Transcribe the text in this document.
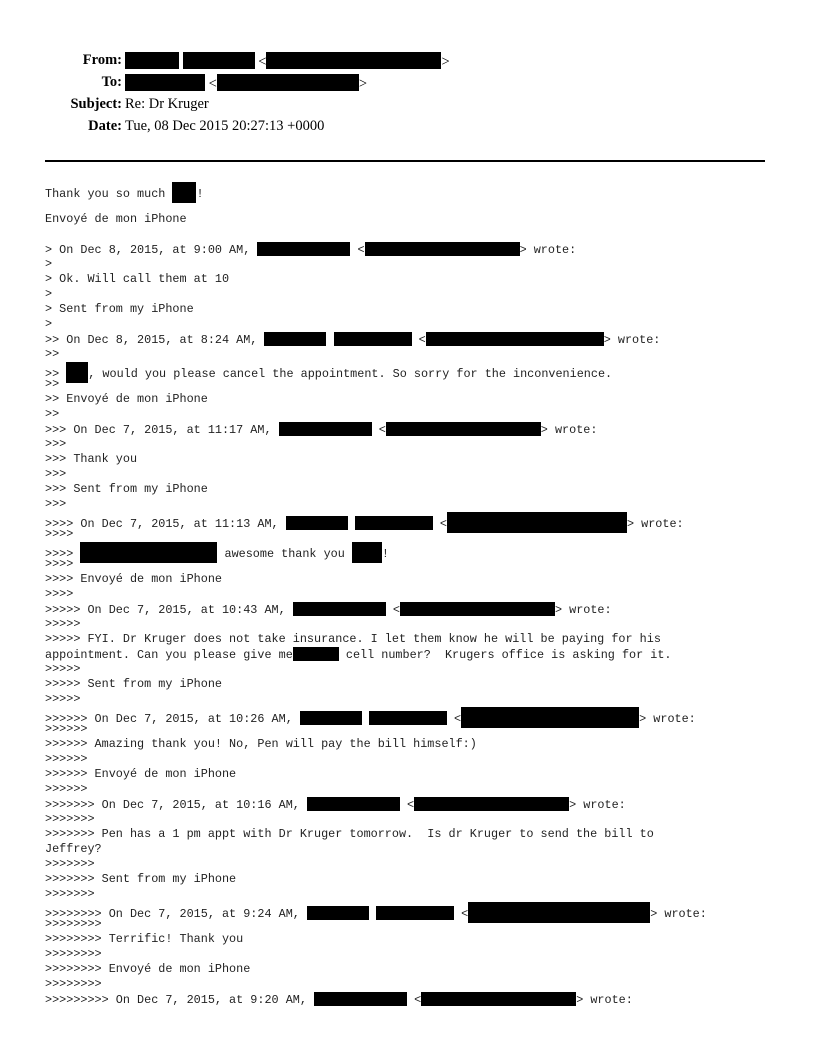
From:	<	>
To:	<	>
Subject: Re: Dr Kruger
Date: Tue, 08 Dec 2015 20:27:13 +0000
Thank you so much !
Envoyé de mon iPhone
> On Dec 8, 2015, at 9:00 AM,	<	> wrote:
>
> Ok. Will call them at 10
>
> Sent from my iPhone
>
>> On Dec 8, 2015, at 8:24 AM,	<	> wrote:
>>
>> , would you please cancel the appointment. So sorry for the inconvenience.
>>
>> Envoyé de mon iPhone
>>
>>> On Dec 7, 2015, at 11:17 AM,	<	> wrote:
>>>
>>> Thank you
>>>
>>> Sent from my iPhone
>>>
>>>> On Dec 7, 2015, at 11:13 AM,	<	> wrote:
>>>>
>>>>	awesome thank you	!
>>>>
>>>> Envoyé de mon iPhone
>>>>
>>>>> On Dec 7, 2015, at 10:43 AM,	<	> wrote:
>>>>>
>>>>> FYI. Dr Kruger does not take insurance. I let them know he will be paying for his
appointment. Can you please give me	cell number?  Krugers office is asking for it.
>>>>>
>>>>> Sent from my iPhone
>>>>>
>>>>>> On Dec 7, 2015, at 10:26 AM,	<	> wrote:
>>>>>>
>>>>>> Amazing thank you! No, Pen will pay the bill himself:)
>>>>>>
>>>>>> Envoyé de mon iPhone
>>>>>>
>>>>>>> On Dec 7, 2015, at 10:16 AM,	<	> wrote:
>>>>>>>
>>>>>>> Pen has a 1 pm appt with Dr Kruger tomorrow.  Is dr Kruger to send the bill to
Jeffrey?
>>>>>>>
>>>>>>> Sent from my iPhone
>>>>>>>
>>>>>>>> On Dec 7, 2015, at 9:24 AM,	<	> wrote:
>>>>>>>>
>>>>>>>> Terrific! Thank you
>>>>>>>>
>>>>>>>> Envoyé de mon iPhone
>>>>>>>>
>>>>>>>>> On Dec 7, 2015, at 9:20 AM,	<	> wrote:
